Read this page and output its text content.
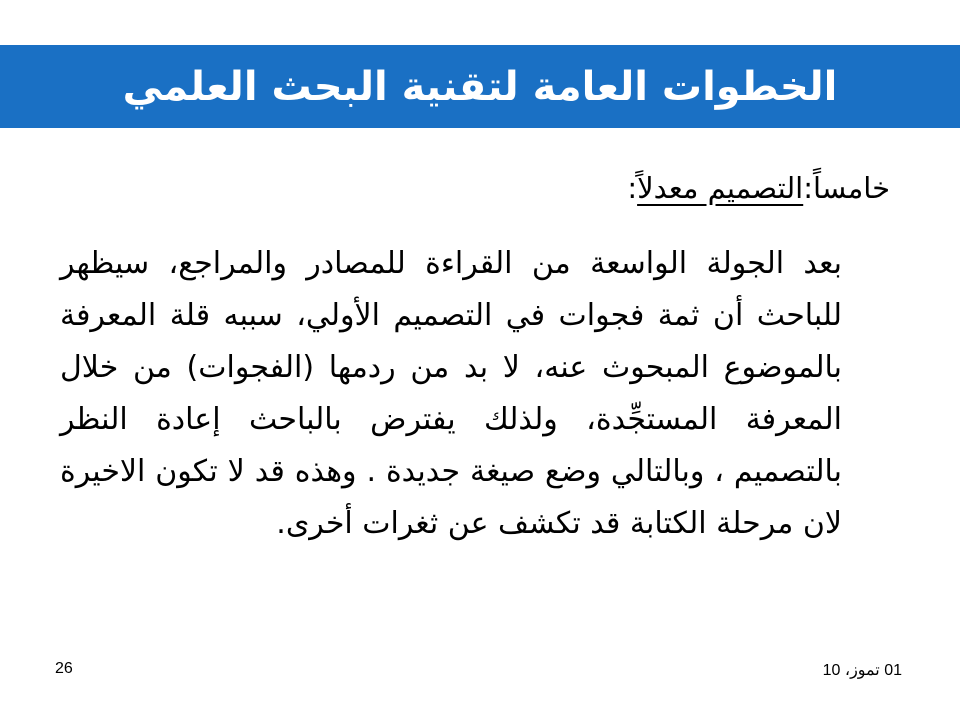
الخطوات العامة لتقنية البحث العلمي
خامساً:التصميم معدلاً:

بعد الجولة الواسعة من القراءة للمصادر والمراجع، سيظهر للباحث أن ثمة فجوات في التصميم الأولي، سببه قلة المعرفة بالموضوع المبحوث عنه، لا بد من ردمها (الفجوات) من خلال المعرفة المستجِّدة، ولذلك يفترض بالباحث إعادة النظر بالتصميم ، وبالتالي وضع صيغة جديدة . وهذه قد لا تكون الاخيرة لان مرحلة الكتابة قد تكشف عن ثغرات أخرى.

26	01 تموز، 10
